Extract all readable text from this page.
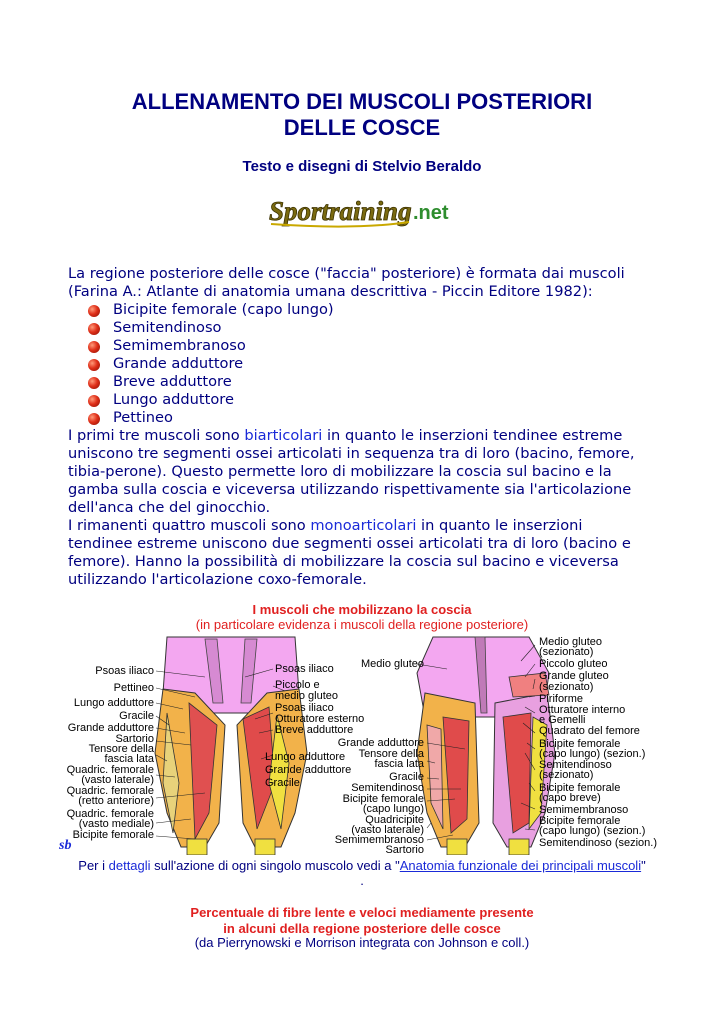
ALLENAMENTO DEI MUSCOLI POSTERIORI
DELLE COSCE
Testo e disegni di Stelvio Beraldo
Sportraining .net
La regione posteriore delle cosce ("faccia" posteriore) è formata dai muscoli
(Farina A.: Atlante di anatomia umana descrittiva - Piccin Editore 1982):
Bicipite femorale (capo lungo)
Semitendinoso
Semimembranoso
Grande adduttore
Breve adduttore
Lungo adduttore
Pettineo
I primi tre muscoli sono biarticolari in quanto le inserzioni tendinee estreme
uniscono tre segmenti ossei articolati in sequenza tra di loro (bacino, femore,
tibia-perone). Questo permette loro di mobilizzare la coscia sul bacino e la
gamba sulla coscia e viceversa utilizzando rispettivamente sia l'articolazione
dell'anca che del ginocchio.
I rimanenti quattro muscoli sono monoarticolari in quanto le inserzioni
tendinee estreme uniscono due segmenti ossei articolati tra di loro (bacino e
femore). Hanno la possibilità di mobilizzare la coscia sul bacino e viceversa
utilizzando l'articolazione coxo-femorale.
I muscoli che mobilizzano la coscia
(in particolare evidenza i muscoli della regione posteriore)
Psoas iliaco
Pettineo
Lungo adduttore
Gracile
Grande adduttore
Sartorio
Tensore della
fascia lata
Quadric. femorale
(vasto laterale)
Quadric. femorale
(retto anteriore)
Quadric. femorale
(vasto mediale)
Bicipite femorale
Psoas iliaco
Piccolo e
medio gluteo
Psoas iliaco
Otturatore esterno
Breve adduttore
Lungo adduttore
Grande adduttore
Gracile
Medio gluteo
Grande adduttore
Tensore della
fascia lata
Gracile
Semitendinoso
Bicipite femorale
(capo lungo)
Quadricipite
(vasto laterale)
Semimembranoso
Sartorio
Medio gluteo
(sezionato)
Piccolo gluteo
Grande gluteo
(sezionato)
Piriforme
Otturatore interno
e Gemelli
Quadrato del femore
Bicipite femorale
(capo lungo) (sezion.)
Semitendinoso
(sezionato)
Bicipite femorale
(capo breve)
Semimembranoso
Bicipite femorale
(capo lungo) (sezion.)
Semitendinoso (sezion.)
sb
Per i dettagli sull'azione di ogni singolo muscolo vedi a "Anatomia funzionale dei principali muscoli"
.
Percentuale di fibre lente e veloci mediamente presente
in alcuni della regione posteriore delle cosce
(da Pierrynowski e Morrison integrata con Johnson e coll.)
